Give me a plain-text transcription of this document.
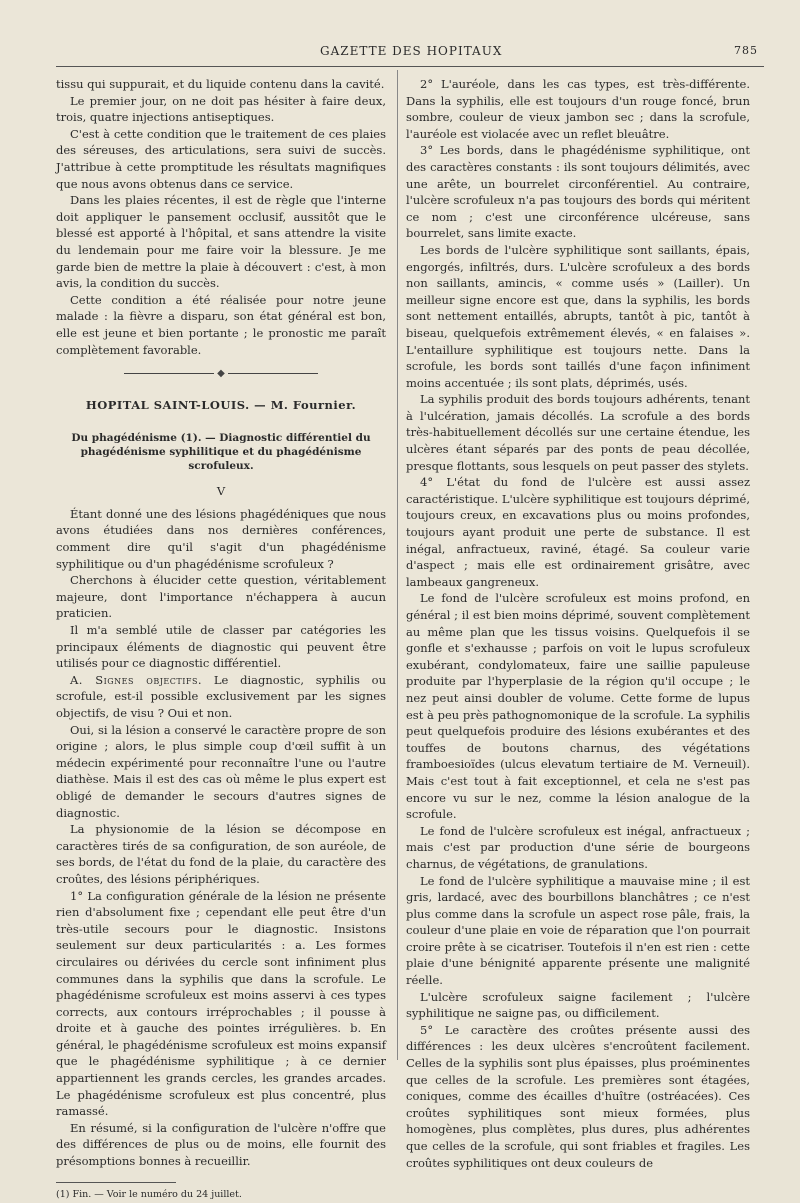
GAZETTE DES HOPITAUX	785

tissu qui suppurait, et du liquide contenu dans la cavité.

Le premier jour, on ne doit pas hésiter à faire deux, trois, quatre injections antiseptiques.

C'est à cette condition que le traitement de ces plaies des séreuses, des articulations, sera suivi de succès. J'attribue à cette promptitude les résultats magnifiques que nous avons obtenus dans ce service.

Dans les plaies récentes, il est de règle que l'interne doit appliquer le pansement occlusif, aussitôt que le blessé est apporté à l'hôpital, et sans attendre la visite du lendemain pour me faire voir la blessure. Je me garde bien de mettre la plaie à découvert : c'est, à mon avis, la condition du succès.

Cette condition a été réalisée pour notre jeune malade : la fièvre a disparu, son état général est bon, elle est jeune et bien portante ; le pronostic me paraît complètement favorable.

◆
HOPITAL SAINT-LOUIS. — M. Fournier.
Du phagédénisme (1). — Diagnostic différentiel du phagédénisme syphilitique et du phagédénisme scrofuleux.
V

Étant donné une des lésions phagédéniques que nous avons étudiées dans nos dernières conférences, comment dire qu'il s'agit d'un phagédénisme syphilitique ou d'un phagédénisme scrofuleux ?

Cherchons à élucider cette question, véritablement majeure, dont l'importance n'échappera à aucun praticien.

Il m'a semblé utile de classer par catégories les principaux éléments de diagnostic qui peuvent être utilisés pour ce diagnostic différentiel.

A. Signes objectifs. Le diagnostic, syphilis ou scrofule, est-il possible exclusivement par les signes objectifs, de visu ? Oui et non.

Oui, si la lésion a conservé le caractère propre de son origine ; alors, le plus simple coup d'œil suffit à un médecin expérimenté pour reconnaître l'une ou l'autre diathèse. Mais il est des cas où même le plus expert est obligé de demander le secours d'autres signes de diagnostic.

La physionomie de la lésion se décompose en caractères tirés de sa configuration, de son auréole, de ses bords, de l'état du fond de la plaie, du caractère des croûtes, des lésions périphériques.

1° La configuration générale de la lésion ne présente rien d'absolument fixe ; cependant elle peut être d'un très-utile secours pour le diagnostic. Insistons seulement sur deux particularités : a. Les formes circulaires ou dérivées du cercle sont infiniment plus communes dans la syphilis que dans la scrofule. Le phagédénisme scrofuleux est moins asservi à ces types corrects, aux contours irréprochables ; il pousse à droite et à gauche des pointes irrégulières. b. En général, le phagédénisme scrofuleux est moins expansif que le phagédénisme syphilitique ; à ce dernier appartiennent les grands cercles, les grandes arcades. Le phagédénisme scrofuleux est plus concentré, plus ramassé.

En résumé, si la configuration de l'ulcère n'offre que des différences de plus ou de moins, elle fournit des présomptions bonnes à recueillir.

(1) Fin. — Voir le numéro du 24 juillet.

2° L'auréole, dans les cas types, est très-différente. Dans la syphilis, elle est toujours d'un rouge foncé, brun sombre, couleur de vieux jambon sec ; dans la scrofule, l'auréole est violacée avec un reflet bleuâtre.

3° Les bords, dans le phagédénisme syphilitique, ont des caractères constants : ils sont toujours délimités, avec une arête, un bourrelet circonférentiel. Au contraire, l'ulcère scrofuleux n'a pas toujours des bords qui méritent ce nom ; c'est une circonférence ulcéreuse, sans bourrelet, sans limite exacte.

Les bords de l'ulcère syphilitique sont saillants, épais, engorgés, infiltrés, durs. L'ulcère scrofuleux a des bords non saillants, amincis, « comme usés » (Lailler). Un meilleur signe encore est que, dans la syphilis, les bords sont nettement entaillés, abrupts, tantôt à pic, tantôt à biseau, quelquefois extrêmement élevés, « en falaises ». L'entaillure syphilitique est toujours nette. Dans la scrofule, les bords sont taillés d'une façon infiniment moins accentuée ; ils sont plats, déprimés, usés.

La syphilis produit des bords toujours adhérents, tenant à l'ulcération, jamais décollés. La scrofule a des bords très-habituellement décollés sur une certaine étendue, les ulcères étant séparés par des ponts de peau décollée, presque flottants, sous lesquels on peut passer des stylets.

4° L'état du fond de l'ulcère est aussi assez caractéristique. L'ulcère syphilitique est toujours déprimé, toujours creux, en excavations plus ou moins profondes, toujours ayant produit une perte de substance. Il est inégal, anfractueux, raviné, étagé. Sa couleur varie d'aspect ; mais elle est ordinairement grisâtre, avec lambeaux gangreneux.

Le fond de l'ulcère scrofuleux est moins profond, en général ; il est bien moins déprimé, souvent complètement au même plan que les tissus voisins. Quelquefois il se gonfle et s'exhausse ; parfois on voit le lupus scrofuleux exubérant, condylomateux, faire une saillie papuleuse produite par l'hyperplasie de la région qu'il occupe ; le nez peut ainsi doubler de volume. Cette forme de lupus est à peu près pathognomonique de la scrofule. La syphilis peut quelquefois produire des lésions exubérantes et des touffes de boutons charnus, des végétations framboesioïdes (ulcus elevatum tertiaire de M. Verneuil). Mais c'est tout à fait exceptionnel, et cela ne s'est pas encore vu sur le nez, comme la lésion analogue de la scrofule.

Le fond de l'ulcère scrofuleux est inégal, anfractueux ; mais c'est par production d'une série de bourgeons charnus, de végétations, de granulations.

Le fond de l'ulcère syphilitique a mauvaise mine ; il est gris, lardacé, avec des bourbillons blanchâtres ; ce n'est plus comme dans la scrofule un aspect rose pâle, frais, la couleur d'une plaie en voie de réparation que l'on pourrait croire prête à se cicatriser. Toutefois il n'en est rien : cette plaie d'une bénignité apparente présente une malignité réelle.

L'ulcère scrofuleux saigne facilement ; l'ulcère syphilitique ne saigne pas, ou difficilement.

5° Le caractère des croûtes présente aussi des différences : les deux ulcères s'encroûtent facilement. Celles de la syphilis sont plus épaisses, plus proéminentes que celles de la scrofule. Les premières sont étagées, coniques, comme des écailles d'huître (ostréacées). Ces croûtes syphilitiques sont mieux formées, plus homogènes, plus complètes, plus dures, plus adhérentes que celles de la scrofule, qui sont friables et fragiles. Les croûtes syphilitiques ont deux couleurs de
